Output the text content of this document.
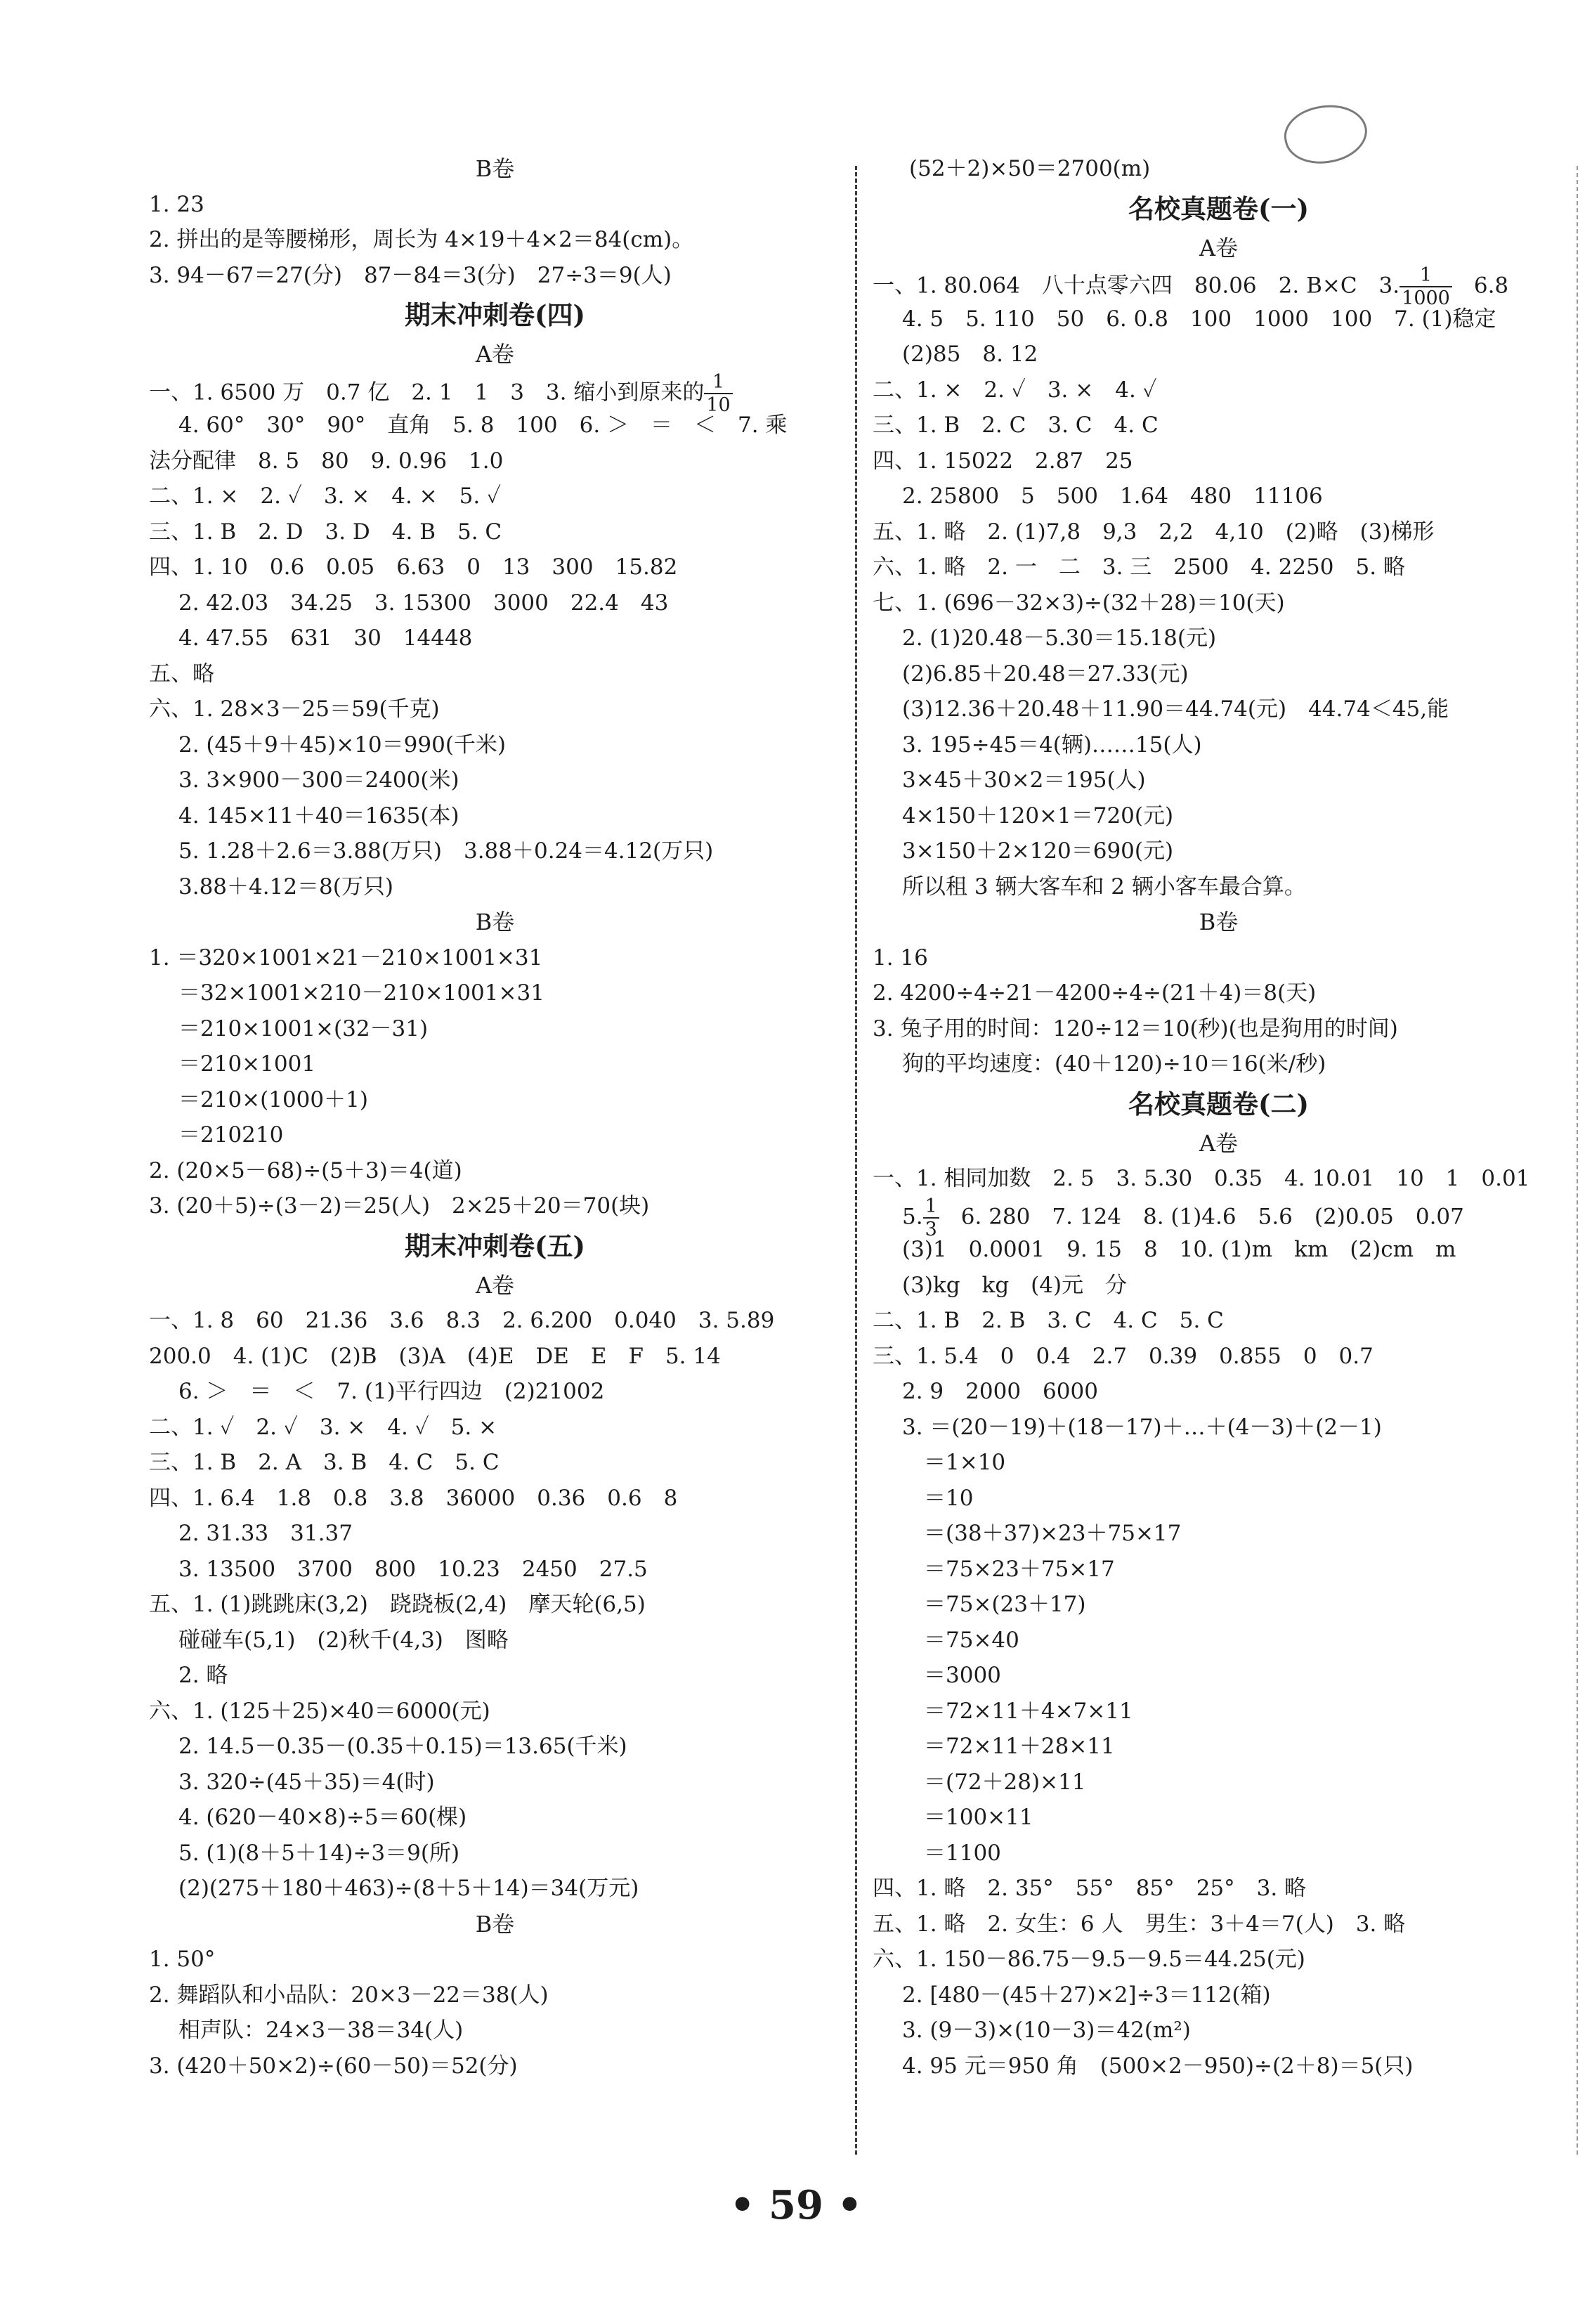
B卷
1. 23
2. 拼出的是等腰梯形，周长为 4×19＋4×2＝84(cm)。
3. 94－67＝27(分)　87－84＝3(分)　27÷3＝9(人)
期末冲刺卷(四)
A卷
一、1. 6500 万　0.7 亿　2. 1　1　3　3. 缩小到原来的 $\frac{1}{10}$
4. 60°　30°　90°　直角　5. 8　100　6. ＞　＝　＜　7. 乘
法分配律　8. 5　80　9. 0.96　1.0
二、1. ×　2. ✓　3. ×　4. ×　5. ✓
三、1. B　2. D　3. D　4. B　5. C
四、1. 10　0.6　0.05　6.63　0　13　300　15.82
2. 42.03　34.25　3. 15300　3000　22.4　43
4. 47.55　631　30　14448
五、略
六、1. 28×3－25＝59(千克)
2. (45＋9＋45)×10＝990(千米)
3. 3×900－300＝2400(米)
4. 145×11＋40＝1635(本)
5. 1.28＋2.6＝3.88(万只)　3.88＋0.24＝4.12(万只)
3.88＋4.12＝8(万只)
B卷
1. ＝320×1001×21－210×1001×31
＝32×1001×210－210×1001×31
＝210×1001×(32－31)
＝210×1001
＝210×(1000＋1)
＝210210
2. (20×5－68)÷(5＋3)＝4(道)
3. (20＋5)÷(3－2)＝25(人)　2×25＋20＝70(块)
期末冲刺卷(五)
A卷
一、1. 8　60　21.36　3.6　8.3　2. 6.200　0.040　3. 5.89
200.0　4. (1)C　(2)B　(3)A　(4)E　DE　E　F　5. 14
6. ＞　＝　＜　7. (1)平行四边　(2)21002
二、1. ✓　2. ✓　3. ×　4. ✓　5. ×
三、1. B　2. A　3. B　4. C　5. C
四、1. 6.4　1.8　0.8　3.8　36000　0.36　0.6　8
2. 31.33　31.37
3. 13500　3700　800　10.23　2450　27.5
五、1. (1)跳跳床(3,2)　跷跷板(2,4)　摩天轮(6,5)
碰碰车(5,1)　(2)秋千(4,3)　图略
2. 略
六、1. (125＋25)×40＝6000(元)
2. 14.5－0.35－(0.35＋0.15)＝13.65(千米)
3. 320÷(45＋35)＝4(时)
4. (620－40×8)÷5＝60(棵)
5. (1)(8＋5＋14)÷3＝9(所)
(2)(275＋180＋463)÷(8＋5＋14)＝34(万元)
B卷
1. 50°
2. 舞蹈队和小品队：20×3－22＝38(人)
相声队：24×3－38＝34(人)
3. (420＋50×2)÷(60－50)＝52(分)
(52＋2)×50＝2700(m)
名校真题卷(一)
A卷
一、1. 80.064　八十点零六四　80.06　2. B×C　3. $\frac{1}{1000}$ 　6.8
4. 5　5. 110　50　6. 0.8　100　1000　100　7. (1)稳定
(2)85　8. 12
二、1. ×　2. ✓　3. ×　4. ✓
三、1. B　2. C　3. C　4. C
四、1. 15022　2.87　25
2. 25800　5　500　1.64　480　11106
五、1. 略　2. (1)7,8　9,3　2,2　4,10　(2)略　(3)梯形
六、1. 略　2. 一　二　3. 三　2500　4. 2250　5. 略
七、1. (696－32×3)÷(32＋28)＝10(天)
2. (1)20.48－5.30＝15.18(元)
(2)6.85＋20.48＝27.33(元)
(3)12.36＋20.48＋11.90＝44.74(元)　44.74＜45,能
3. 195÷45＝4(辆)……15(人)
3×45＋30×2＝195(人)
4×150＋120×1＝720(元)
3×150＋2×120＝690(元)
所以租 3 辆大客车和 2 辆小客车最合算。
B卷
1. 16
2. 4200÷4÷21－4200÷4÷(21＋4)＝8(天)
3. 兔子用的时间：120÷12＝10(秒)(也是狗用的时间)
狗的平均速度：(40＋120)÷10＝16(米/秒)
名校真题卷(二)
A卷
一、1. 相同加数　2. 5　3. 5.30　0.35　4. 10.01　10　1　0.01
5. $\frac{1}{3}$ 　6. 280　7. 124　8. (1)4.6　5.6　(2)0.05　0.07
(3)1　0.0001　9. 15　8　10. (1)m　km　(2)cm　m
(3)kg　kg　(4)元　分
二、1. B　2. B　3. C　4. C　5. C
三、1. 5.4　0　0.4　2.7　0.39　0.855　0　0.7
2. 9　2000　6000
3. ＝(20－19)＋(18－17)＋…＋(4－3)＋(2－1)
　＝1×10
　＝10
　＝(38＋37)×23＋75×17
　＝75×23＋75×17
　＝75×(23＋17)
　＝75×40
　＝3000
　＝72×11＋4×7×11
　＝72×11＋28×11
　＝(72＋28)×11
　＝100×11
　＝1100
四、1. 略　2. 35°　55°　85°　25°　3. 略
五、1. 略　2. 女生：6 人　男生：3＋4＝7(人)　3. 略
六、1. 150－86.75－9.5－9.5＝44.25(元)
2. [480－(45＋27)×2]÷3＝112(箱)
3. (9－3)×(10－3)＝42(m²)
4. 95 元＝950 角　(500×2－950)÷(2＋8)＝5(只)
• 59 •
